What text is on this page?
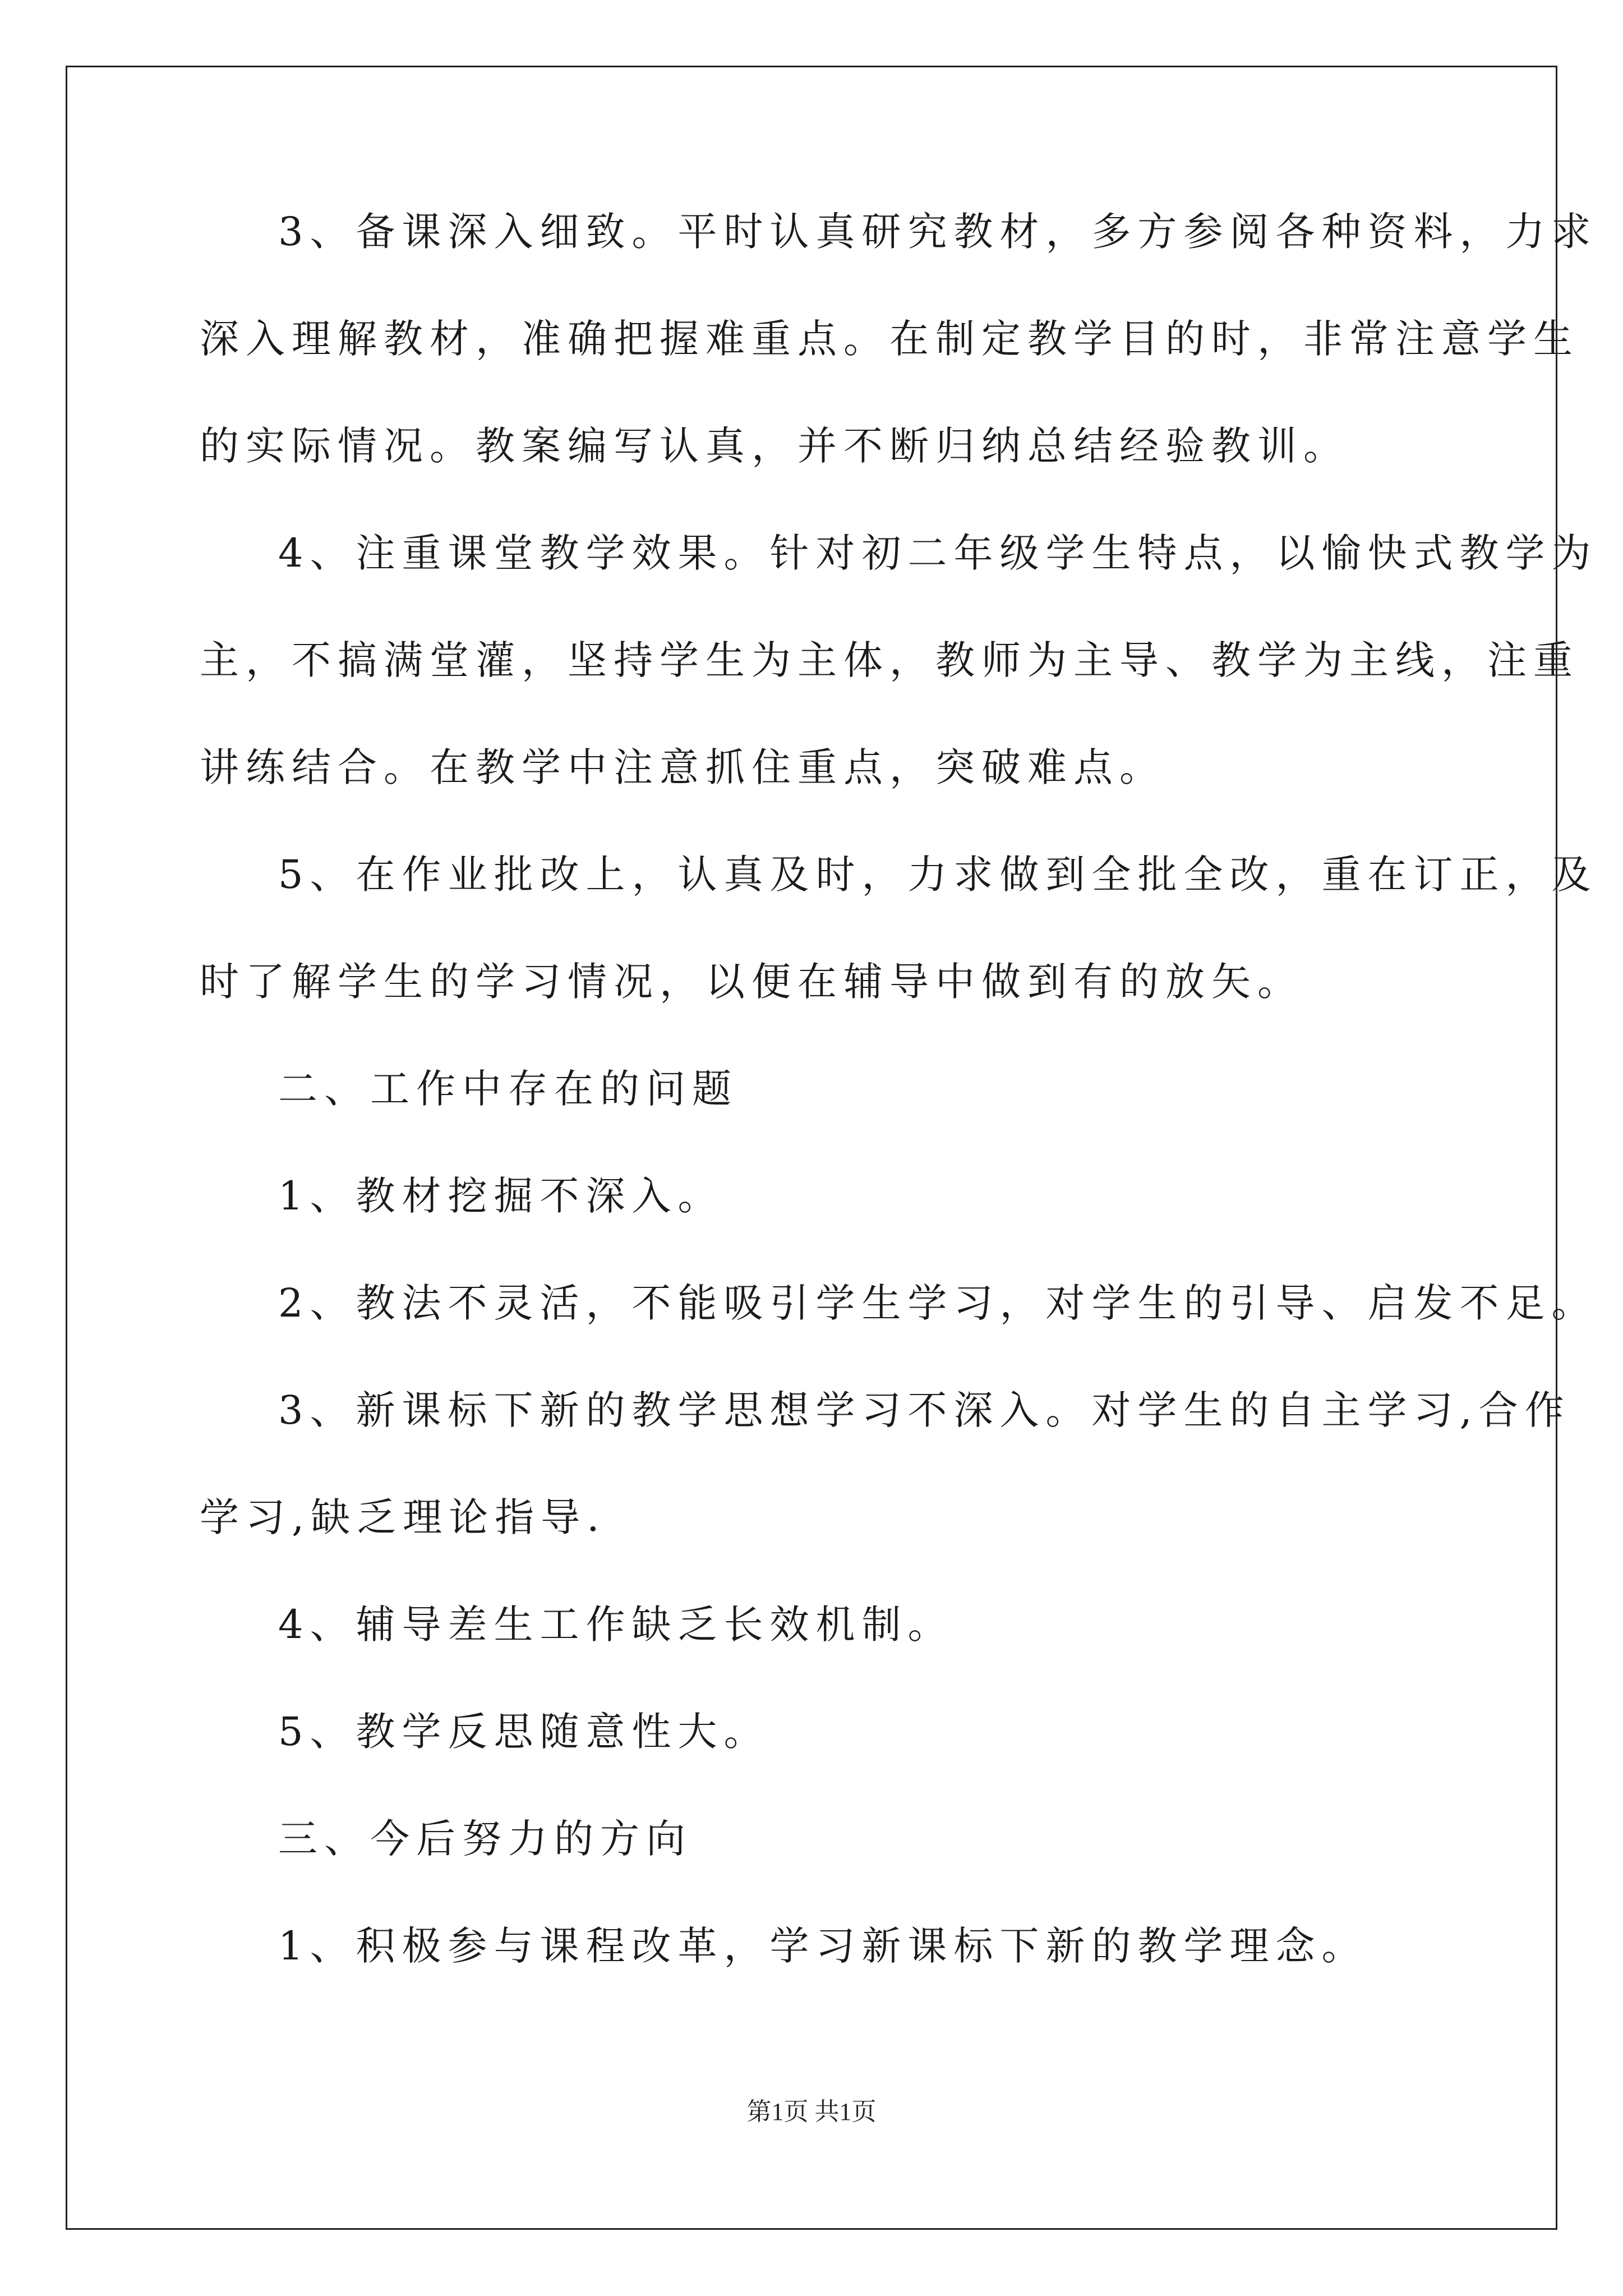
3、备课深入细致。平时认真研究教材，多方参阅各种资料，力求
深入理解教材，准确把握难重点。在制定教学目的时，非常注意学生
的实际情况。教案编写认真，并不断归纳总结经验教训。
4、注重课堂教学效果。针对初二年级学生特点，以愉快式教学为
主，不搞满堂灌，坚持学生为主体，教师为主导、教学为主线，注重
讲练结合。在教学中注意抓住重点，突破难点。
5、在作业批改上，认真及时，力求做到全批全改，重在订正，及
时了解学生的学习情况，以便在辅导中做到有的放矢。
二、工作中存在的问题
1、教材挖掘不深入。
2、教法不灵活，不能吸引学生学习，对学生的引导、启发不足。
3、新课标下新的教学思想学习不深入。对学生的自主学习,合作
学习,缺乏理论指导.
4、辅导差生工作缺乏长效机制。
5、教学反思随意性大。
三、今后努力的方向
1、积极参与课程改革，学习新课标下新的教学理念。
第1页 共1页
